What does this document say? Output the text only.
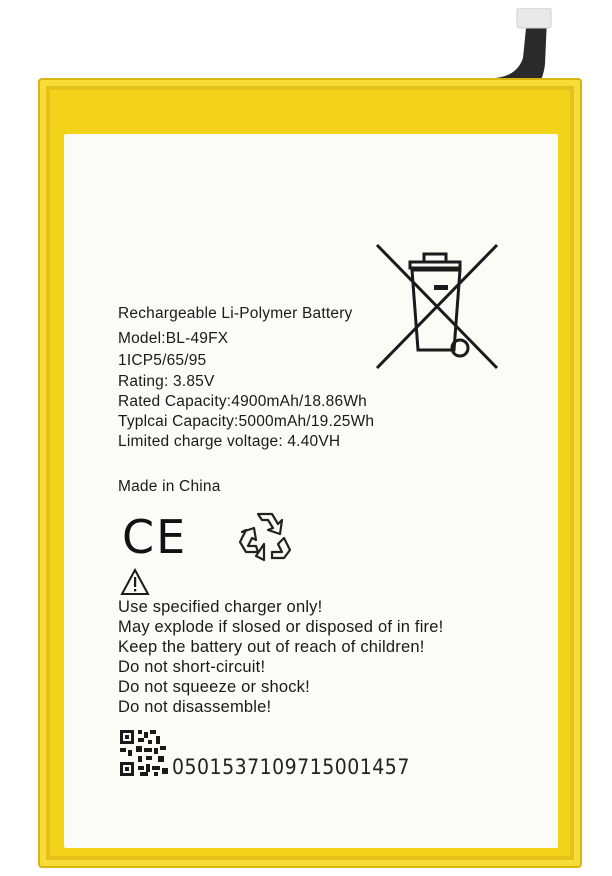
Rechargeable Li-Polymer Battery

Model:BL-49FX

1ICP5/65/95

Rating: 3.85V

Rated Capacity:4900mAh/18.86Wh

Typlcai Capacity:5000mAh/19.25Wh

Limited charge voltage: 4.40VH

Made in China

CE

Use specified charger only!

May explode if slosed or disposed of in fire!

Keep the battery out of reach of children!

Do not short-circuit!

Do not squeeze or shock!

Do not disassemble!

0501537109715001457
